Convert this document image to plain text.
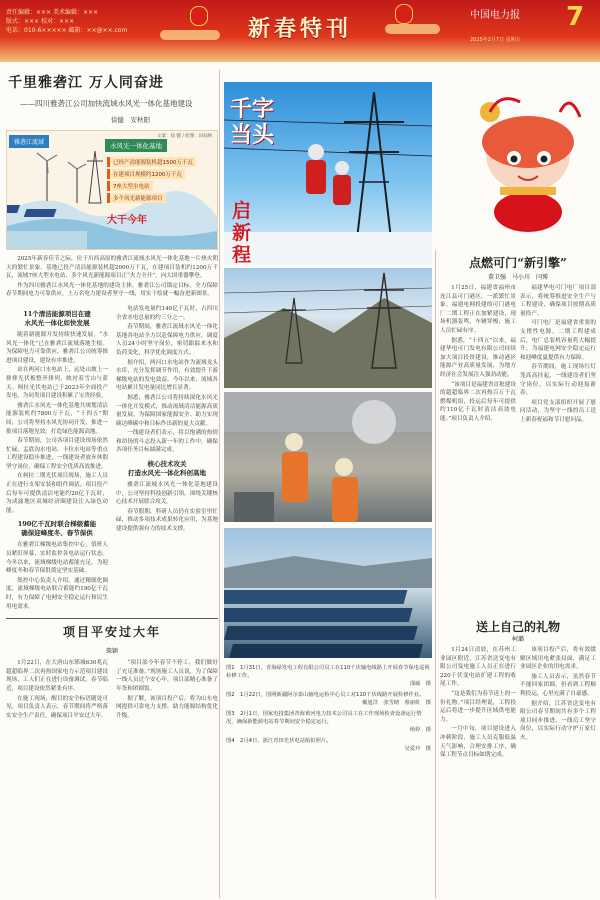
责任编辑：××× 美术编辑：×××
版式：××× 校对：×××
电话：010-6××××× 邮箱：××@××.com	新春特刊
中国电力报 7
2025年2月7日 星期五
千里雅砻江 万人同奋进
——四川雅砻江公司加快流域水风光一体化基地建设
徐健　安秋阳
雅砻江流域	水风光一体化基地
已经产清能源装机超1500万千瓦
在建项目规模约1200万千瓦
7座大型水电站
多个风光新能源项目
大干今年
文案：徐 健 / 绘图：田仙林

2025年新春佳节之际，位于川西高原的雅砻江流域水风光一体化基地一片热火朝天的繁忙景象。基地已投产清洁能源装机超2000万千瓦，在建项目装机约1200万千瓦，流域7座大型水电站、多个风光新能源项目正“火力全开”，向大国重器攀登。

作为四川雅砻江水风光一体化基地的建设主体，雅砻江公司锚定目标，全力保障春节期间电力可靠供应。上万名电力建设者坚守一线，用实干绘就一幅奋进新图景。

11个清洁能源项目在建
水风光一体化如快发展

随着新能源开发持续快速发展，“水风光一体化”已在雅砻江流域落地生根。为保障电力可靠供应，雅砻江公司统筹推进项目建设，建设有序推进。

站在两河口水电站上，远处山坡上一排排光伏板整齐排列，映衬着雪山与蓝天。柯拉光伏电站已于2023年全面投产发电，为同类项目建设积累了宝贵经验。

雅砻江水风光一体化基地共规划清洁能源装机约7800万千瓦，“十四五”期间，公司将坚持水风光协同开发，推进一批项目落地见效，打造绿色能源高地。

春节期间，公司各项目建设现场依然忙碌。孟底沟水电站、卡拉水电站等重点工程建设稳步推进，一线建设者放弃休假坚守岗位，确保工程安全优质高效推进。

在柯拉二期光伏项目现场，施工人员正在进行支架安装和组件调试。项目投产后每年可提供清洁电能约20亿千瓦时，为成渝地区双城经济圈建设注入绿色动能。

190亿千瓦时联合梯级蓄能
确保迎峰度冬、春节保供

在雅砻江梯级电站集控中心，值班人员紧盯屏幕，实时监控各电站运行状态。今冬以来，流域梯级电站蓄能充足，为迎峰度冬和春节保供奠定坚实基础。

集控中心负责人介绍，通过精细化调度，流域梯级电站联合蓄能约190亿千瓦时，有力保障了电网安全稳定运行和民生用电需求。

电站发电量约140亿千瓦时，占四川全省水电总量的约三分之一。

春节期间，雅砻江流域水风光一体化基地各电站全力以赴保障电力供应。调度人员24小时坚守岗位，密切跟踪来水和负荷变化，科学优化调度方式。

据介绍，两河口水电站作为流域龙头水库，充分发挥调节作用，有效提升下游梯级电站的发电效益。今年以来，流域各电站累计发电量同比增长显著。

据悉，雅砻江公司将持续深化水风光一体化开发模式，推动流域清洁能源高质量发展，为保障国家能源安全、助力实现碳达峰碳中和目标作出新的更大贡献。

一线建设者们表示，将以饱满的热情和昂扬的斗志投入新一年的工作中，确保各项任务目标圆满完成。

核心技术攻关
打造水风光一体化科创高地

雅砻江流域水风光一体化基地建设中，公司坚持科技创新引领，围绕关键核心技术开展联合攻关。

春节假期，科研人员仍在实验室里忙碌，推动多项技术成果转化应用，为基地建设提供强有力的技术支撑。

项目平安过大年
柴颖

1月22日，在大唐山东郓城630兆瓦超超临界二次再热国家电力示范项目建设现场，工人们正在进行设备调试。春节临近，项目建设依然紧张有序。

在施工现场，醒目的安全标语随处可见。项目负责人表示，春节期间将严格落实安全生产责任，确保项目平安过大年。

“项目部今年春节不停工，我们做好了充足准备。”现场施工人员说，为了保障一线人员过个安心年，项目部精心准备了年货和团圆饭。

据了解，该项目投产后，将为山东电网提供可靠电力支撑，助力能源结构优化升级。

千字当头
启新程
图1　1月31日，青海绿发电工程有限公司员工在110千伏输电线路上开展春节保电巡视检修工作。
邵硕　摄
图2　1月22日，国网新疆阿尔泰山输电运检中心员工对110千伏线路开展检修作业。
戴旭洋　张雪晴　蔡丽虹　摄
图3　2月1日，国家电投集团青海黄河电力技术公司员工在工作现场检查设备运行情况，确保新能源电站春节期间安全稳定运行。
杨婷　摄
图4　2月4日，浙江青田光伏电站航拍照片。
吴爱玲　摄
点燃可门“新引擎”
董卫强　马小川　闫博

1月25日，福建省福州市连江县可门港区，一派繁忙景象。福建电网投建的可门港电厂二期工程正在加紧建设，现场机器轰鸣、车辆穿梭，施工人员忙碌有序。

据悉，“十四五”以来，福建华电可门发电有限公司持续加大项目投资建设，推动港区能源产业高质量发展，为地方经济社会发展注入强劲动能。

“该项目是福建省首批建设的超超临界二次再热百万千瓦燃煤机组，投运后每年可提供约110亿千瓦时清洁高效电能。”项目负责人介绍。

福建华电可门电厂项目部表示，将统筹推进安全生产与工程建设，确保项目按期高质量投产。

可门电厂是福建省重要的支撑性电源，二期工程建成后，电厂总装机容量将大幅提升，为福建电网安全稳定运行和迎峰度夏提供有力保障。

春节期间，施工现场红灯笼高高挂起，一线建设者们坚守岗位，以实际行动迎接新春。

项目党支部组织开展了慰问活动，为坚守一线的员工送上新春祝福和节日慰问品。

送上自己的礼物
柯璐

1月24日清晨，在苏州工业园区附近，江苏省送变电有限公司变电施工人员正在进行220千伏变电站扩建工程的收尾工作。

“这是我们为春节送上的一份礼物。”项目经理说，工程投运后将进一步提升区域供电能力。

一月中旬，项目建设进入冲刺阶段，施工人员克服低温天气影响，合理安排工序，确保工程节点目标如期完成。

该项目投产后，将有效缓解区域用电紧张局面，满足工业园区企业的用电需求。

施工人员表示，虽然春节不能回家团圆，但看到工程顺利投运，心里充满了自豪感。

据介绍，江苏省送变电有限公司春节期间共有多个工程项目同步推进，一线员工坚守岗位，以实际行动守护万家灯火。
